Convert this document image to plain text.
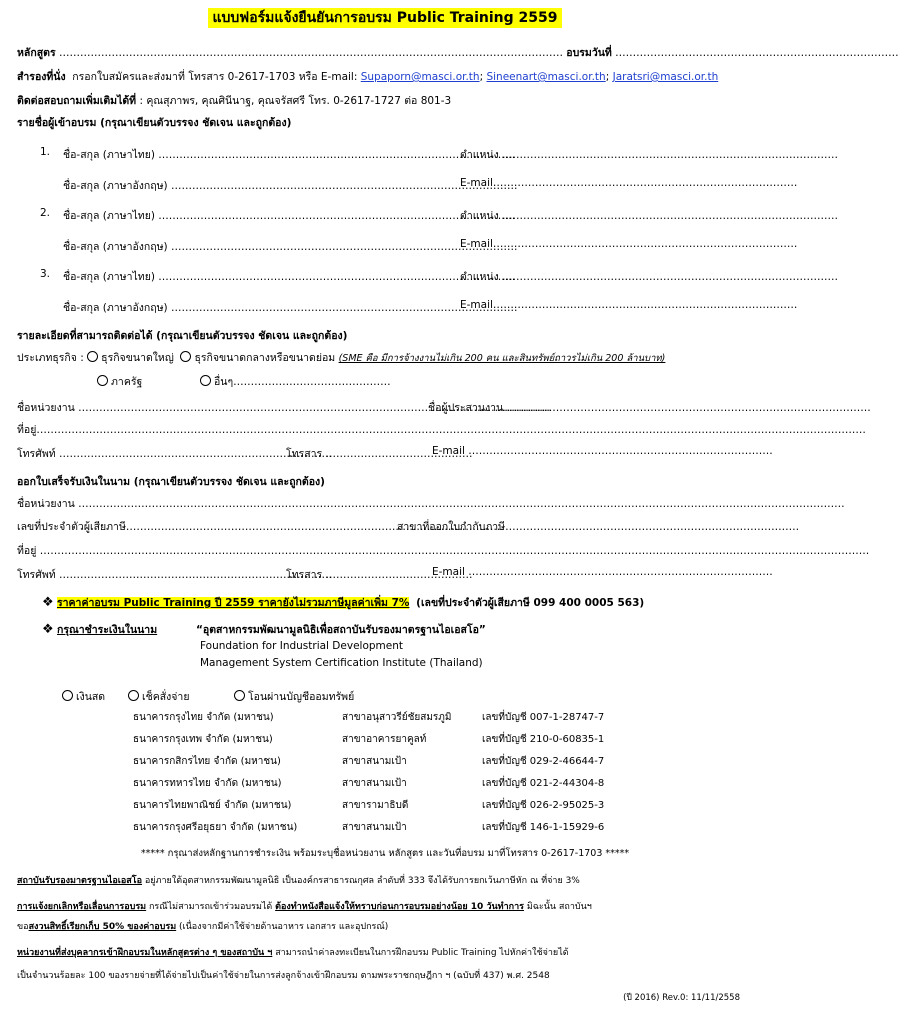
แบบฟอร์มแจ้งยืนยันการอบรม Public Training 2559
หลักสูตร ……………………………………………………………………………………………………………………………… อบรมวันที่ ………………………………………………………………………
สำรองที่นั่ง กรอกใบสมัครและส่งมาที่ โทรสาร 0-2617-1703 หรือ E-mail: Supaporn@masci.or.th; Sineenart@masci.or.th; Jaratsri@masci.or.th
ติดต่อสอบถามเพิ่มเติมได้ที่ : คุณสุภาพร, คุณศินีนาฐ, คุณจรัสศรี โทร. 0-2617-1727 ต่อ 801-3
รายชื่อผู้เข้าอบรม (กรุณาเขียนตัวบรรจง ชัดเจน และถูกต้อง)
1. ชื่อ-สกุล (ภาษาไทย) …………………………………………………………………………………………
ตำแหน่ง ……………………………………………………………………………………
ชื่อ-สกุล (ภาษาอังกฤษ) ………………………………………………………………………………………
E-mail……………………………………………………………………………
2. ชื่อ-สกุล (ภาษาไทย) …………………………………………………………………………………………
ตำแหน่ง ……………………………………………………………………………………
ชื่อ-สกุล (ภาษาอังกฤษ) ………………………………………………………………………………………
E-mail……………………………………………………………………………
3. ชื่อ-สกุล (ภาษาไทย) …………………………………………………………………………………………
ตำแหน่ง ……………………………………………………………………………………
ชื่อ-สกุล (ภาษาอังกฤษ) ………………………………………………………………………………………
E-mail……………………………………………………………………………
รายละเอียดที่สามารถติดต่อได้ (กรุณาเขียนตัวบรรจง ชัดเจน และถูกต้อง)
ประเภทธุรกิจ : ธุรกิจขนาดใหญ่ ธุรกิจขนาดกลางหรือขนาดย่อม (SME คือ มีการจ้างงานไม่เกิน 200 คน และสินทรัพย์ถาวรไม่เกิน 200 ล้านบาท)
ภาครัฐ	อื่นๆ………………………………………
ชื่อหน่วยงาน ………………………………………………………………………………………………………………………
ชื่อผู้ประสานงาน……………………………………………………………………………………………
ที่อยู่…………………………………………………………………………………………………………………………………………………………………………………………………………………
โทรศัพท์ ……………………………………………………………………
โทรสาร ……………………………………
E-mail ……………………………………………………………………………
ออกใบเสร็จรับเงินในนาม (กรุณาเขียนตัวบรรจง ชัดเจน และถูกต้อง)
ชื่อหน่วยงาน …………………………………………………………………………………………………………………………………………………………………………………………………
เลขที่ประจำตัวผู้เสียภาษี………………………………………………………………………………………………
สาขาที่ออกใบกำกับภาษี…………………………………………………………………………
ที่อยู่ …………………………………………………………………………………………………………………………………………………………………………………………………………………
โทรศัพท์ ……………………………………………………………………
โทรสาร ……………………………………
E-mail ……………………………………………………………………………
❖ ราคาค่าอบรม Public Training ปี 2559 ราคายังไม่รวมภาษีมูลค่าเพิ่ม 7% (เลขที่ประจำตัวผู้เสียภาษี 099 400 0005 563)
❖ กรุณาชำระเงินในนาม	“อุตสาหกรรมพัฒนามูลนิธิเพื่อสถาบันรับรองมาตรฐานไอเอสโอ”
Foundation for Industrial Development
Management System Certification Institute (Thailand)
เงินสด	เช็คสั่งจ่าย	โอนผ่านบัญชีออมทรัพย์
ธนาคารกรุงไทย จำกัด (มหาชน)	สาขาอนุสาวรีย์ชัยสมรภูมิ	เลขที่บัญชี 007-1-28747-7
ธนาคารกรุงเทพ จำกัด (มหาชน)	สาขาอาคารยาคูลท์	เลขที่บัญชี 210-0-60835-1
ธนาคารกสิกรไทย จำกัด (มหาชน)	สาขาสนามเป้า	เลขที่บัญชี 029-2-46644-7
ธนาคารทหารไทย จำกัด (มหาชน)	สาขาสนามเป้า	เลขที่บัญชี 021-2-44304-8
ธนาคารไทยพาณิชย์ จำกัด (มหาชน)	สาขารามาธิบดี	เลขที่บัญชี 026-2-95025-3
ธนาคารกรุงศรีอยุธยา จำกัด (มหาชน)	สาขาสนามเป้า	เลขที่บัญชี 146-1-15929-6
***** กรุณาส่งหลักฐานการชำระเงิน พร้อมระบุชื่อหน่วยงาน หลักสูตร และวันที่อบรม มาที่โทรสาร 0-2617-1703 *****
สถาบันรับรองมาตรฐานไอเอสโอ อยู่ภายใต้อุตสาหกรรมพัฒนามูลนิธิ เป็นองค์กรสาธารณกุศล ลำดับที่ 333 จึงได้รับการยกเว้นภาษีหัก ณ ที่จ่าย 3%
การแจ้งยกเลิกหรือเลื่อนการอบรม กรณีไม่สามารถเข้าร่วมอบรมได้ ต้องทำหนังสือแจ้งให้ทราบก่อนการอบรมอย่างน้อย 10 วันทำการ มิฉะนั้น สถาบันฯ
ขอสงวนสิทธิ์เรียกเก็บ 50% ของค่าอบรม (เนื่องจากมีค่าใช้จ่ายด้านอาหาร เอกสาร และอุปกรณ์)
หน่วยงานที่ส่งบุคลากรเข้าฝึกอบรมในหลักสูตรต่าง ๆ ของสถาบัน ฯ สามารถนำค่าลงทะเบียนในการฝึกอบรม Public Training ไปหักค่าใช้จ่ายได้
เป็นจำนวนร้อยละ 100 ของรายจ่ายที่ได้จ่ายไปเป็นค่าใช้จ่ายในการส่งลูกจ้างเข้าฝึกอบรม ตามพระราชกฤษฎีกา ฯ (ฉบับที่ 437) พ.ศ. 2548
(ปี 2016) Rev.0: 11/11/2558
